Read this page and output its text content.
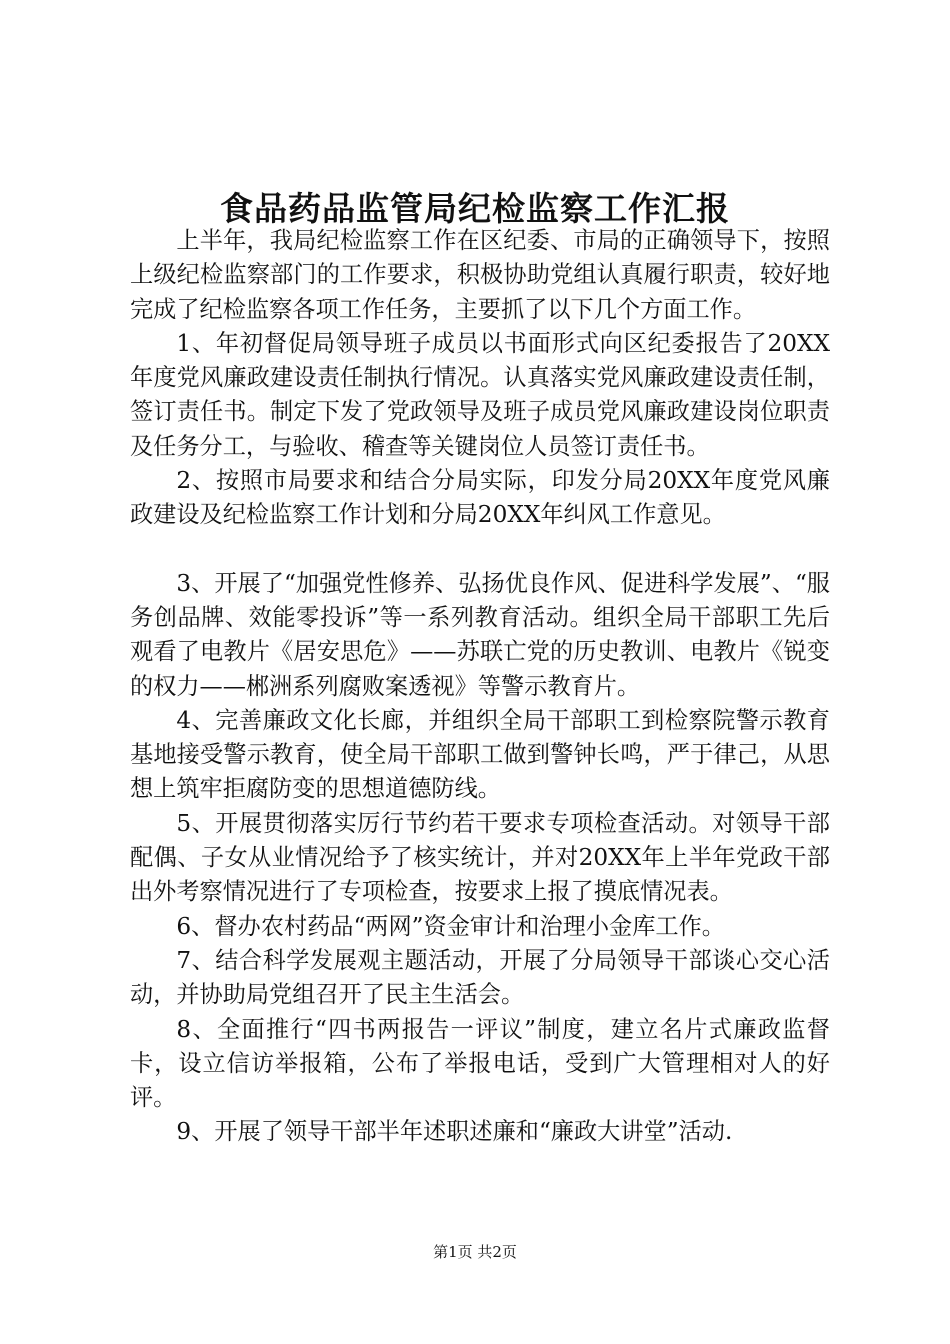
食品药品监管局纪检监察工作汇报

上半年，我局纪检监察工作在区纪委、市局的正确领导下，按照上级纪检监察部门的工作要求，积极协助党组认真履行职责，较好地完成了纪检监察各项工作任务，主要抓了以下几个方面工作。

1、年初督促局领导班子成员以书面形式向区纪委报告了20XX年度党风廉政建设责任制执行情况。认真落实党风廉政建设责任制，签订责任书。制定下发了党政领导及班子成员党风廉政建设岗位职责及任务分工，与验收、稽查等关键岗位人员签订责任书。

2、按照市局要求和结合分局实际，印发分局20XX年度党风廉政建设及纪检监察工作计划和分局20XX年纠风工作意见。

3、开展了“加强党性修养、弘扬优良作风、促进科学发展”、“服务创品牌、效能零投诉”等一系列教育活动。组织全局干部职工先后观看了电教片《居安思危》——苏联亡党的历史教训、电教片《锐变的权力——郴洲系列腐败案透视》等警示教育片。

4、完善廉政文化长廊，并组织全局干部职工到检察院警示教育基地接受警示教育，使全局干部职工做到警钟长鸣，严于律己，从思想上筑牢拒腐防变的思想道德防线。

5、开展贯彻落实厉行节约若干要求专项检查活动。对领导干部配偶、子女从业情况给予了核实统计，并对20XX年上半年党政干部出外考察情况进行了专项检查，按要求上报了摸底情况表。

6、督办农村药品“两网”资金审计和治理小金库工作。

7、结合科学发展观主题活动，开展了分局领导干部谈心交心活动，并协助局党组召开了民主生活会。

8、全面推行“四书两报告一评议”制度，建立名片式廉政监督卡，设立信访举报箱，公布了举报电话，受到广大管理相对人的好评。

9、开展了领导干部半年述职述廉和“廉政大讲堂”活动.

第1页 共2页
